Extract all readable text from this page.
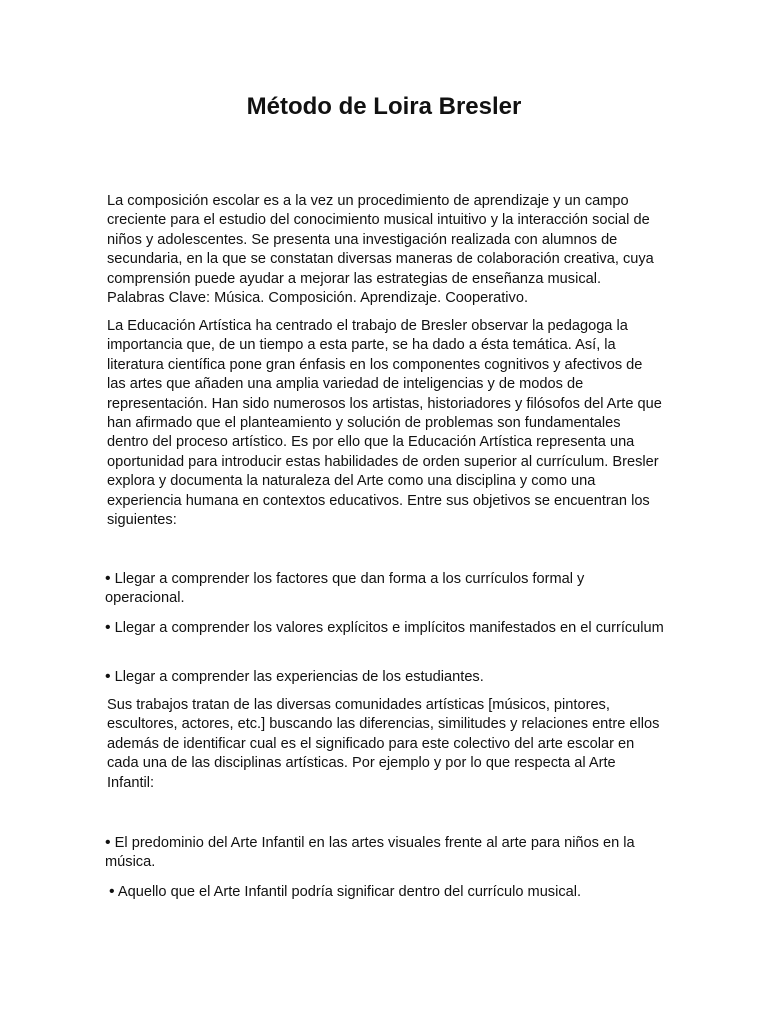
Método de Loira Bresler

La composición escolar es a la vez un procedimiento de aprendizaje y un campo creciente para el estudio del conocimiento musical intuitivo y la interacción social de niños y adolescentes. Se presenta una investigación realizada con alumnos de secundaria, en la que se constatan diversas maneras de colaboración creativa, cuya comprensión puede ayudar a mejorar las estrategias de enseñanza musical. Palabras Clave: Música. Composición. Aprendizaje. Cooperativo.

La Educación Artística ha centrado el trabajo de Bresler observar la pedagoga la importancia que, de un tiempo a esta parte, se ha dado a ésta temática. Así, la literatura científica pone gran énfasis en los componentes cognitivos y afectivos de las artes que añaden una amplia variedad de inteligencias y de modos de representación. Han sido numerosos los artistas, historiadores y filósofos del Arte que han afirmado que el planteamiento y solución de problemas son fundamentales dentro del proceso artístico. Es por ello que la Educación Artística representa una oportunidad para introducir estas habilidades de orden superior al currículum. Bresler explora y documenta la naturaleza del Arte como una disciplina y como una experiencia humana en contextos educativos. Entre sus objetivos se encuentran los siguientes:

• Llegar a comprender los factores que dan forma a los currículos formal y operacional.

• Llegar a comprender los valores explícitos e implícitos manifestados en el currículum

• Llegar a comprender las experiencias de los estudiantes.

Sus trabajos tratan de las diversas comunidades artísticas [músicos, pintores, escultores, actores, etc.] buscando las diferencias, similitudes y relaciones entre ellos además de identificar cual es el significado para este colectivo del arte escolar en cada una de las disciplinas artísticas. Por ejemplo y por lo que respecta al Arte Infantil:

• El predominio del Arte Infantil en las artes visuales frente al arte para niños en la música.

• Aquello que el Arte Infantil podría significar dentro del currículo musical.
